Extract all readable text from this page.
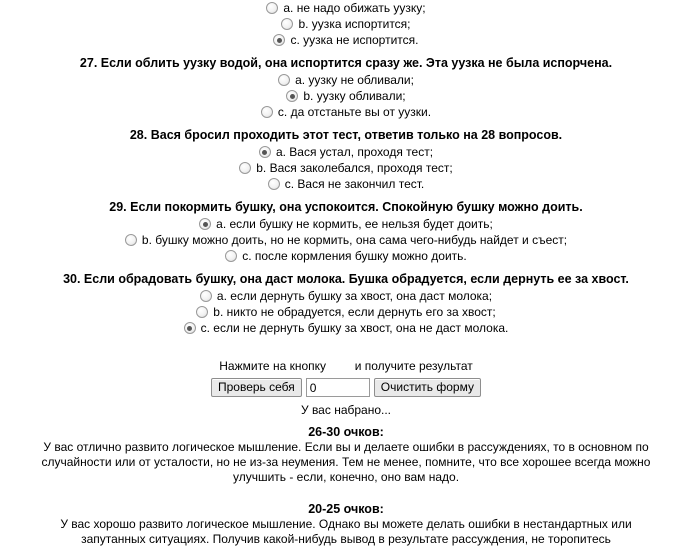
a. не надо обижать уузку;
b. уузка испортится;
c. уузка не испортится.
27. Если облить уузку водой, она испортится сразу же. Эта уузка не была испорчена.
a. уузку не обливали;
b. уузку обливали;
c. да отстаньте вы от уузки.
28. Вася бросил проходить этот тест, ответив только на 28 вопросов.
a. Вася устал, проходя тест;
b. Вася заколебался, проходя тест;
c. Вася не закончил тест.
29. Если покормить бушку, она успокоится. Спокойную бушку можно доить.
a. если бушку не кормить, ее нельзя будет доить;
b. бушку можно доить, но не кормить, она сама чего-нибудь найдет и съест;
c. после кормления бушку можно доить.
30. Если обрадовать бушку, она даст молока. Бушка обрадуется, если дернуть ее за хвост.
a. если дернуть бушку за хвост, она даст молока;
b. никто не обрадуется, если дернуть его за хвост;
c. если не дернуть бушку за хвост, она не даст молока.
Нажмите на кнопку и получите результат
Проверь себя
0	Очистить форму
У вас набрано...
26-30 очков:
У вас отлично развито логическое мышление. Если вы и делаете ошибки в рассуждениях, то в основном по случайности или от усталости, но не из-за неумения. Тем не менее, помните, что все хорошее всегда можно улучшить - если, конечно, оно вам надо.
20-25 очков:
У вас хорошо развито логическое мышление. Однако вы можете делать ошибки в нестандартных или запутанных ситуациях. Получив какой-нибудь вывод в результате рассуждения, не торопитесь
